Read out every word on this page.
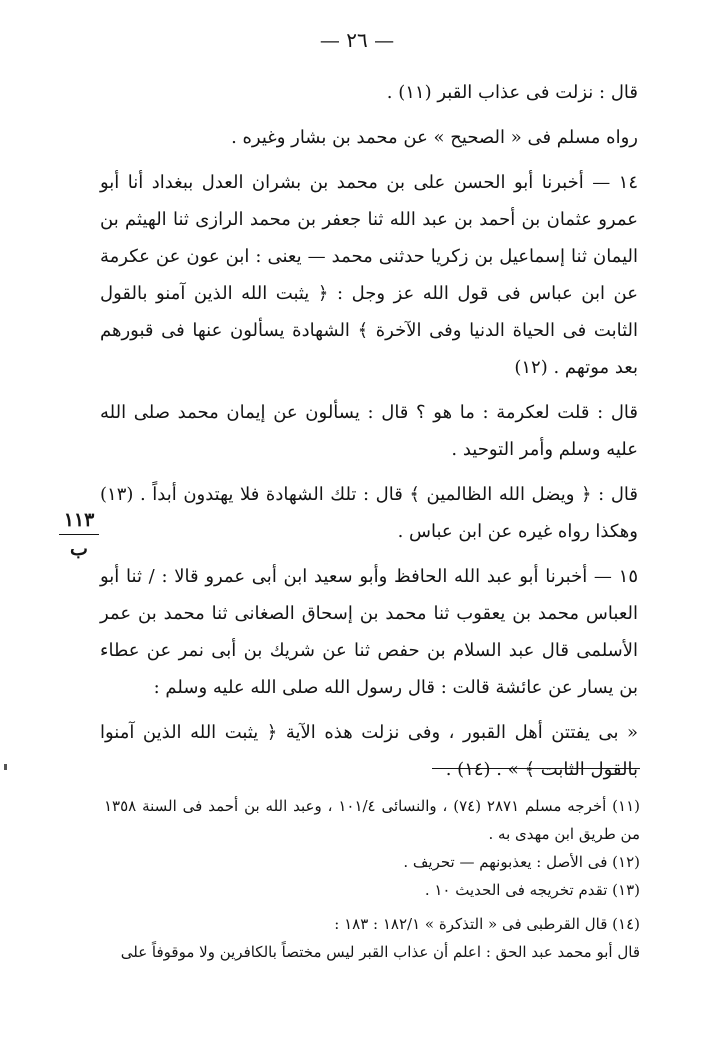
— ٢٦ —
١١٣
ب

قال : نزلت فى عذاب القبر (١١) .

رواه مسلم فى « الصحيح » عن محمد بن بشار وغيره .

١٤ — أخبرنا أبو الحسن على بن محمد بن بشران العدل ببغداد أنا أبو عمرو عثمان بن أحمد بن عبد الله ثنا جعفر بن محمد الرازى ثنا الهيثم بن اليمان ثنا إسماعيل بن زكريا حدثنى محمد — يعنى : ابن عون عن عكرمة عن ابن عباس فى قول الله عز وجل : ﴿ يثبت الله الذين آمنو بالقول الثابت فى الحياة الدنيا وفى الآخرة ﴾ الشهادة يسألون عنها فى قبورهم بعد موتهم . (١٢)

قال : قلت لعكرمة : ما هو ؟ قال : يسألون عن إيمان محمد صلى الله عليه وسلم وأمر التوحيد .

قال : ﴿ ويضل الله الظالمين ﴾ قال : تلك الشهادة فلا يهتدون أبداً . (١٣) وهكذا رواه غيره عن ابن عباس .

١٥ — أخبرنا أبو عبد الله الحافظ وأبو سعيد ابن أبى عمرو قالا : / ثنا أبو العباس محمد بن يعقوب ثنا محمد بن إسحاق الصغانى ثنا محمد بن عمر الأسلمى قال عبد السلام بن حفص ثنا عن شريك بن أبى نمر عن عطاء بن يسار عن عائشة قالت : قال رسول الله صلى الله عليه وسلم :

« بى يفتتن أهل القبور ، وفى نزلت هذه الآية ﴿ يثبت الله الذين آمنوا بالقول الثابت ﴾ » . (١٤) .

(١١) أخرجه مسلم ٢٨٧١ (٧٤) ، والنسائى ١٠١/٤ ، وعبد الله بن أحمد فى السنة ١٣٥٨ من طريق ابن مهدى به .

(١٢) فى الأصل : يعذبونهم — تحريف .

(١٣) تقدم تخريجه فى الحديث ١٠ .

(١٤) قال القرطبى فى « التذكرة » ١٨٢/١ : ١٨٣ :

قال أبو محمد عبد الحق : اعلم أن عذاب القبر ليس مختصاً بالكافرين ولا موقوفاً على
